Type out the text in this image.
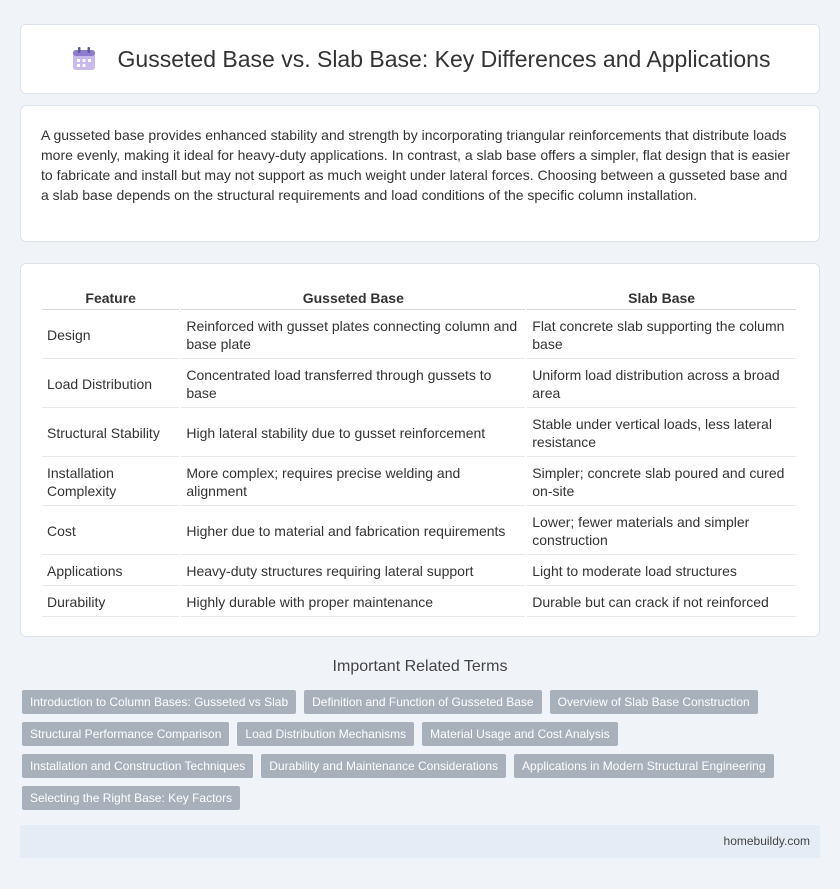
Gusseted Base vs. Slab Base: Key Differences and Applications

A gusseted base provides enhanced stability and strength by incorporating triangular reinforcements that distribute loads more evenly, making it ideal for heavy-duty applications. In contrast, a slab base offers a simpler, flat design that is easier to fabricate and install but may not support as much weight under lateral forces. Choosing between a gusseted base and a slab base depends on the structural requirements and load conditions of the specific column installation.

Feature	Gusseted Base	Slab Base
Design	Reinforced with gusset plates connecting column and base plate	Flat concrete slab supporting the column base
Load Distribution	Concentrated load transferred through gussets to base	Uniform load distribution across a broad area
Structural Stability	High lateral stability due to gusset reinforcement	Stable under vertical loads, less lateral resistance
Installation Complexity	More complex; requires precise welding and alignment	Simpler; concrete slab poured and cured on-site
Cost	Higher due to material and fabrication requirements	Lower; fewer materials and simpler construction
Applications	Heavy-duty structures requiring lateral support	Light to moderate load structures
Durability	Highly durable with proper maintenance	Durable but can crack if not reinforced
Important Related Terms
Introduction to Column Bases: Gusseted vs Slab	Definition and Function of Gusseted Base	Overview of Slab Base Construction
Structural Performance Comparison	Load Distribution Mechanisms	Material Usage and Cost Analysis
Installation and Construction Techniques	Durability and Maintenance Considerations	Applications in Modern Structural Engineering
Selecting the Right Base: Key Factors
homebuildy.com
